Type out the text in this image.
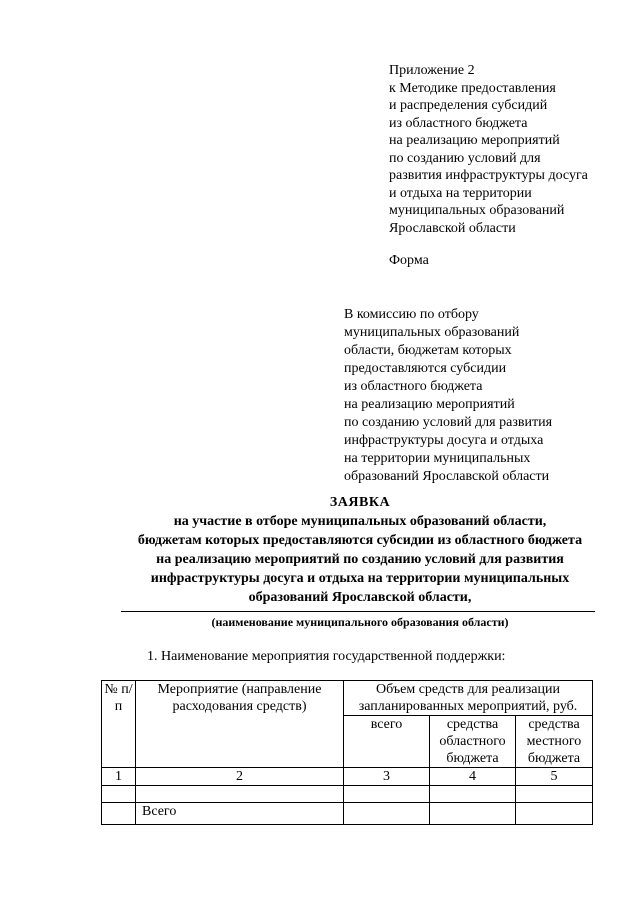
Приложение 2
к Методике предоставления
и распределения субсидий
из областного бюджета
на реализацию мероприятий
по созданию условий для
развития инфраструктуры досуга
и отдыха на территории
муниципальных образований
Ярославской области
Форма
В комиссию по отбору
муниципальных образований
области, бюджетам которых
предоставляются субсидии
из областного бюджета
на реализацию мероприятий
по созданию условий для развития
инфраструктуры досуга и отдыха
на территории муниципальных
образований Ярославской области
ЗАЯВКА
на участие в отборе муниципальных образований области,
бюджетам которых предоставляются субсидии из областного бюджета
на реализацию мероприятий по созданию условий для развития
инфраструктуры досуга и отдыха на территории муниципальных
образований Ярославской области,
(наименование муниципального образования области)
1. Наименование мероприятия государственной поддержки:
№ п/п	Мероприятие (направление расходования средств)	Объем средств для реализации запланированных мероприятий, руб.		
		всего	средства областного бюджета	средства местного бюджета
1	2	3	4	5

	Всего			
